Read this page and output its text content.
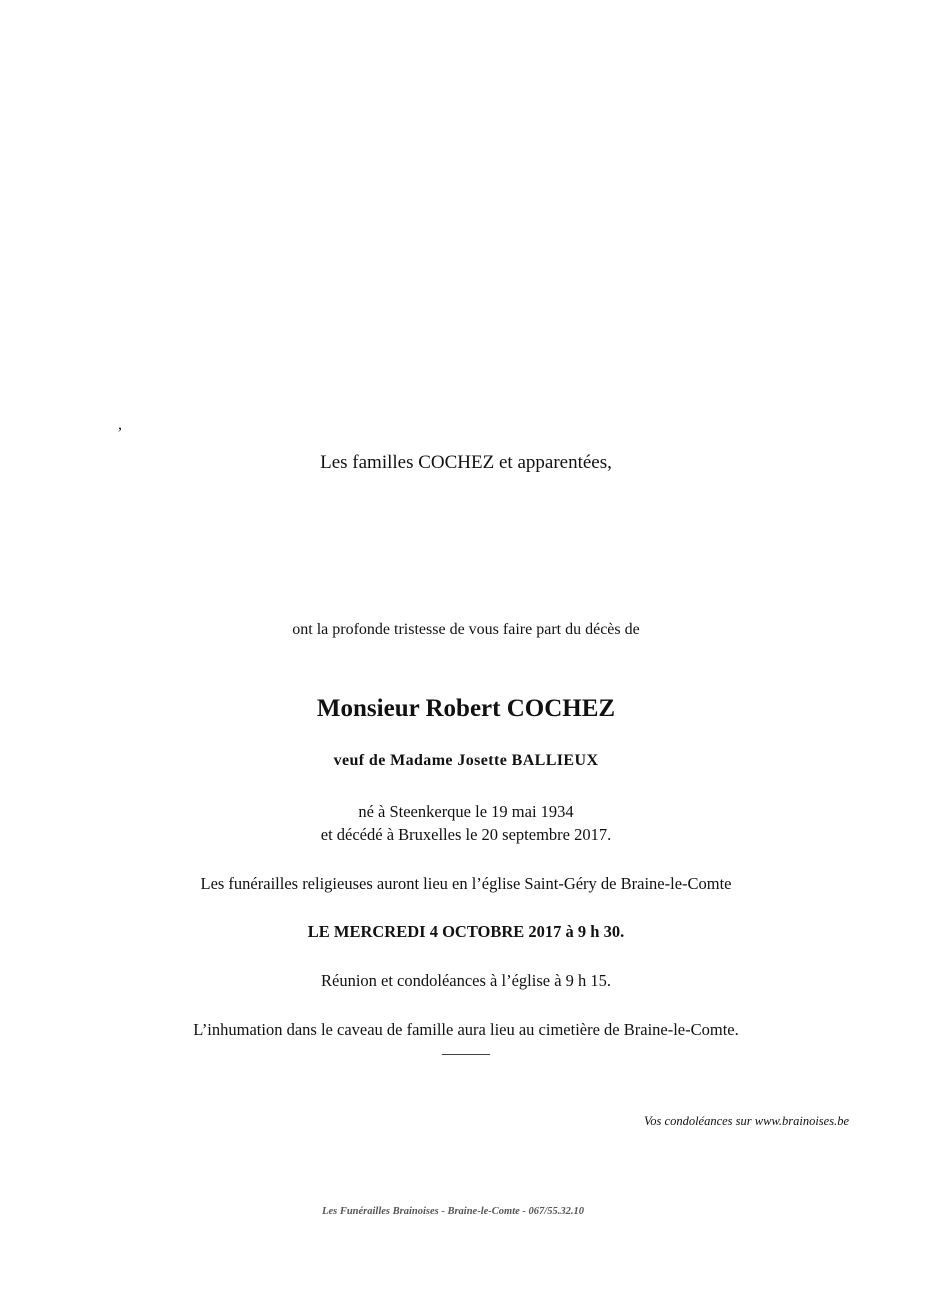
,
Les familles COCHEZ et apparentées,
ont la profonde tristesse de vous faire part du décès de
Monsieur Robert COCHEZ
veuf de Madame Josette BALLIEUX
né à Steenkerque le 19 mai 1934
et décédé à Bruxelles le 20 septembre 2017.
Les funérailles religieuses auront lieu en l’église Saint-Géry de Braine-le-Comte
LE MERCREDI 4 OCTOBRE 2017 à 9 h 30.
Réunion et condoléances à l’église à 9 h 15.
L’inhumation dans le caveau de famille aura lieu au cimetière de Braine-le-Comte.
______
Vos condoléances sur www.brainoises.be
Les Funérailles Brainoises - Braine-le-Comte - 067/55.32.10
